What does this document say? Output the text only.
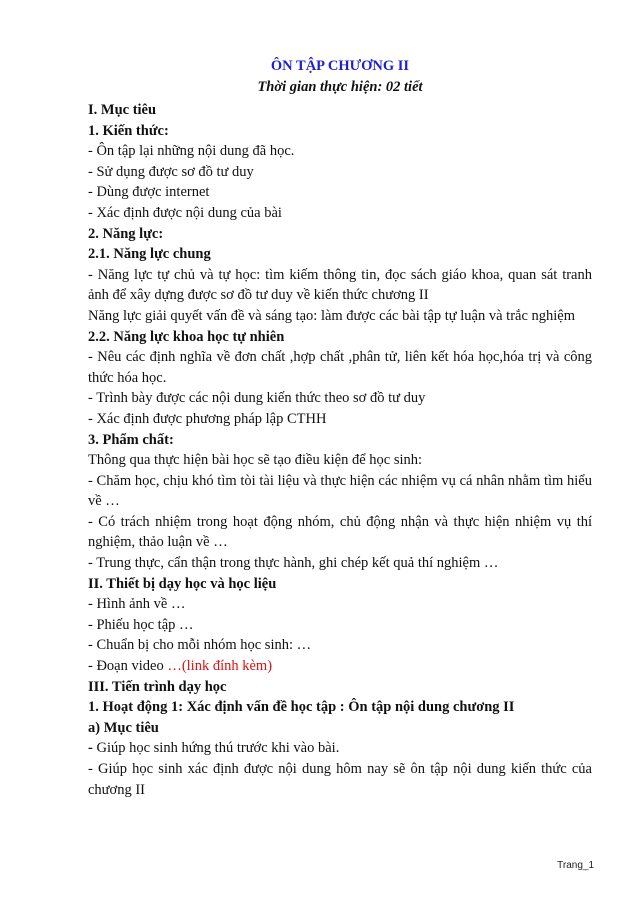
ÔN TẬP CHƯƠNG II
Thời gian thực hiện: 02 tiết
I. Mục tiêu
1. Kiến thức:
- Ôn tập lại những nội dung đã học.
- Sử dụng được sơ đồ tư duy
- Dùng được internet
- Xác định được nội dung của bài
2. Năng lực:
2.1. Năng lực chung
- Năng lực tự chủ và tự học: tìm kiếm thông tin, đọc sách giáo khoa, quan sát tranh ảnh để xây dựng được sơ đồ tư duy về kiến thức chương II
Năng lực giải quyết vấn đề và sáng tạo: làm được các bài tập tự luận và trắc nghiệm
2.2. Năng lực khoa học tự nhiên
- Nêu các định nghĩa về đơn chất ,hợp chất ,phân tử, liên kết hóa học,hóa trị và công thức hóa học.
- Trình bày được các nội dung kiến thức theo sơ đồ tư duy
- Xác định được phương pháp lập CTHH
3. Phẩm chất:
Thông qua thực hiện bài học sẽ tạo điều kiện để học sinh:
- Chăm học, chịu khó tìm tòi tài liệu và thực hiện các nhiệm vụ cá nhân nhằm tìm hiểu về …
- Có trách nhiệm trong hoạt động nhóm, chủ động nhận và thực hiện nhiệm vụ thí nghiệm, thảo luận về …
- Trung thực, cẩn thận trong thực hành, ghi chép kết quả thí nghiệm …
II. Thiết bị dạy học và học liệu
- Hình ảnh về …
- Phiếu học tập …
- Chuẩn bị cho mỗi nhóm học sinh: …
- Đoạn video …(link đính kèm)
III. Tiến trình dạy học
1. Hoạt động 1: Xác định vấn đề học tập : Ôn tập nội dung chương II
a) Mục tiêu
- Giúp học sinh hứng thú trước khi vào bài.
- Giúp học sinh xác định được nội dung hôm nay sẽ ôn tập nội dung kiến thức của chương II
Trang_1
